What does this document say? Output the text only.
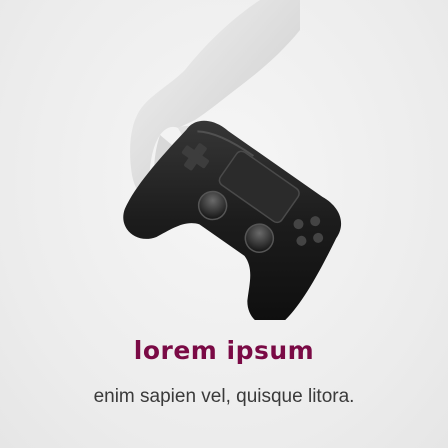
lorem ipsum
enim sapien vel, quisque litora.
